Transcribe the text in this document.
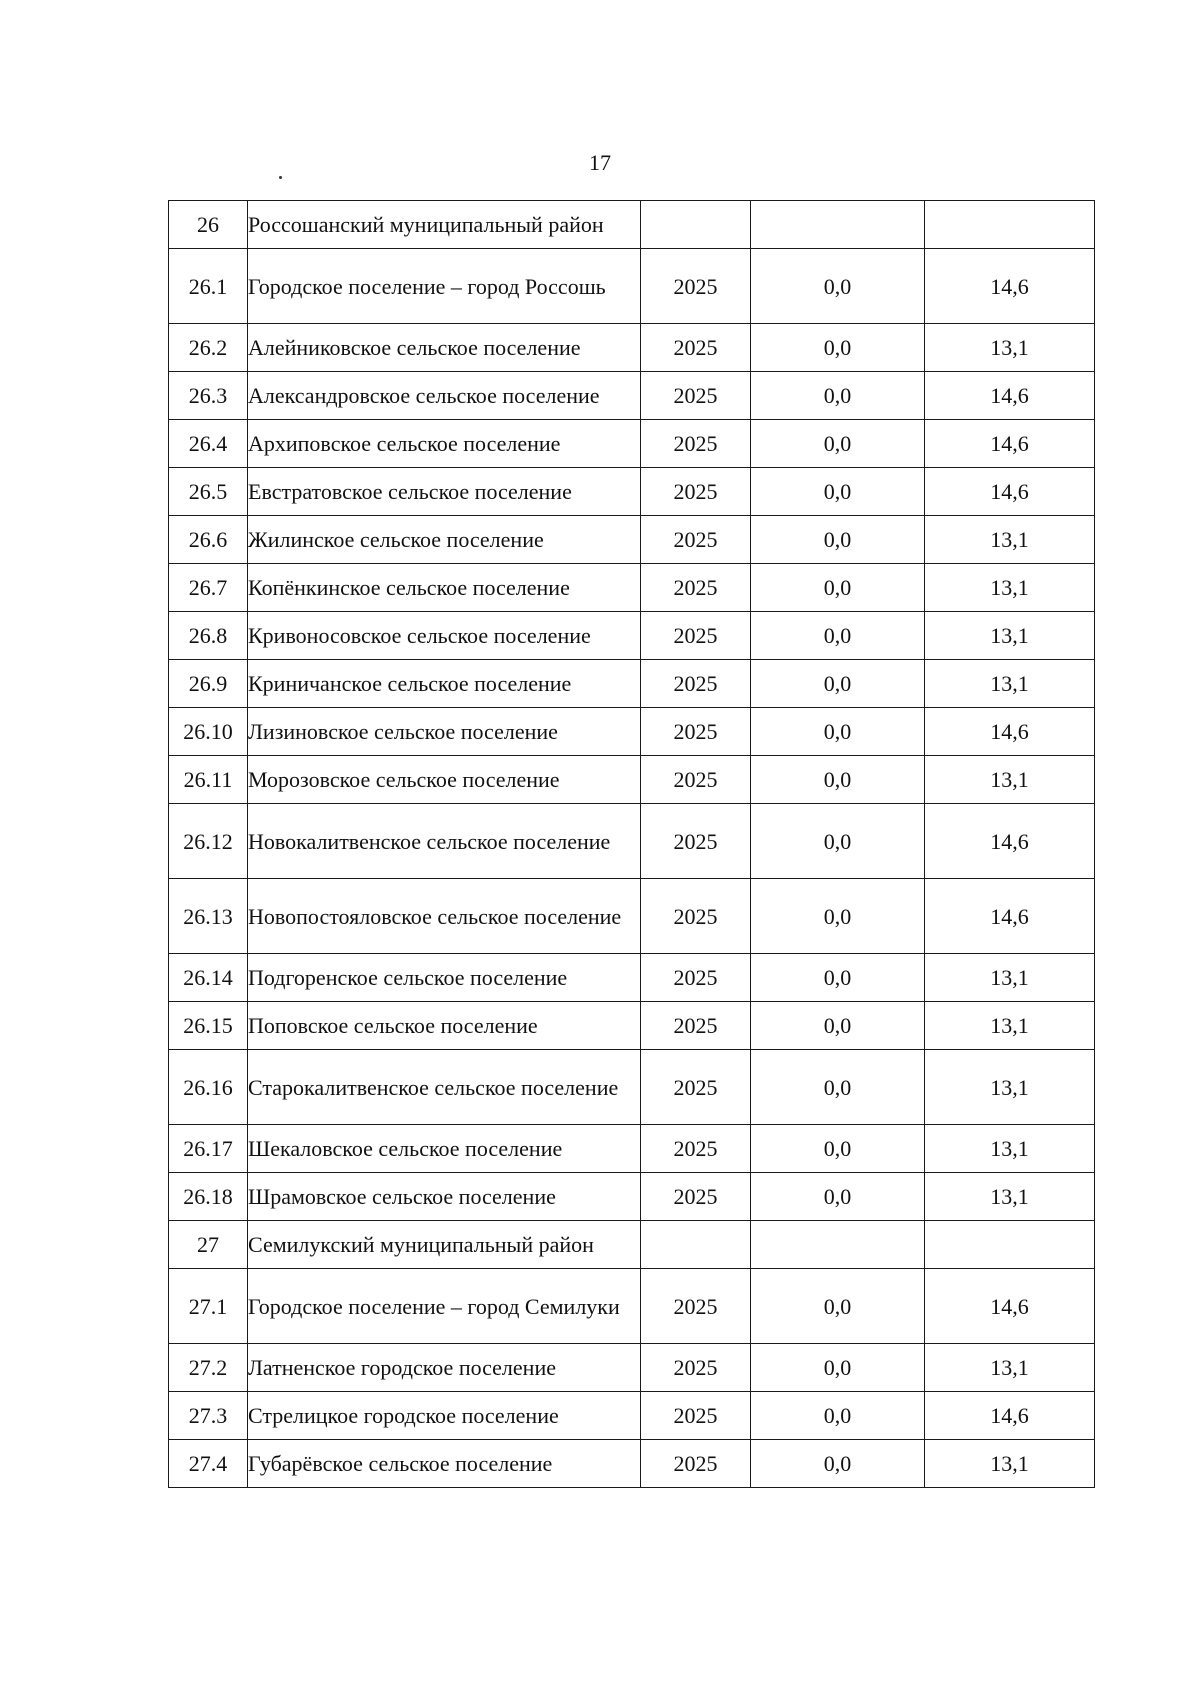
17
26	Россошанский муниципальный район			
26.1	Городское поселение – город Россошь	2025	0,0	14,6
26.2	Алейниковское сельское поселение	2025	0,0	13,1
26.3	Александровское сельское поселение	2025	0,0	14,6
26.4	Архиповское сельское поселение	2025	0,0	14,6
26.5	Евстратовское сельское поселение	2025	0,0	14,6
26.6	Жилинское сельское поселение	2025	0,0	13,1
26.7	Копёнкинское сельское поселение	2025	0,0	13,1
26.8	Кривоносовское сельское поселение	2025	0,0	13,1
26.9	Криничанское сельское поселение	2025	0,0	13,1
26.10	Лизиновское сельское поселение	2025	0,0	14,6
26.11	Морозовское сельское поселение	2025	0,0	13,1
26.12	Новокалитвенское сельское поселение	2025	0,0	14,6
26.13	Новопостояловское сельское поселение	2025	0,0	14,6
26.14	Подгоренское сельское поселение	2025	0,0	13,1
26.15	Поповское сельское поселение	2025	0,0	13,1
26.16	Старокалитвенское сельское поселение	2025	0,0	13,1
26.17	Шекаловское сельское поселение	2025	0,0	13,1
26.18	Шрамовское сельское поселение	2025	0,0	13,1
27	Семилукский муниципальный район			
27.1	Городское поселение – город Семилуки	2025	0,0	14,6
27.2	Латненское городское поселение	2025	0,0	13,1
27.3	Стрелицкое городское поселение	2025	0,0	14,6
27.4	Губарёвское сельское поселение	2025	0,0	13,1
